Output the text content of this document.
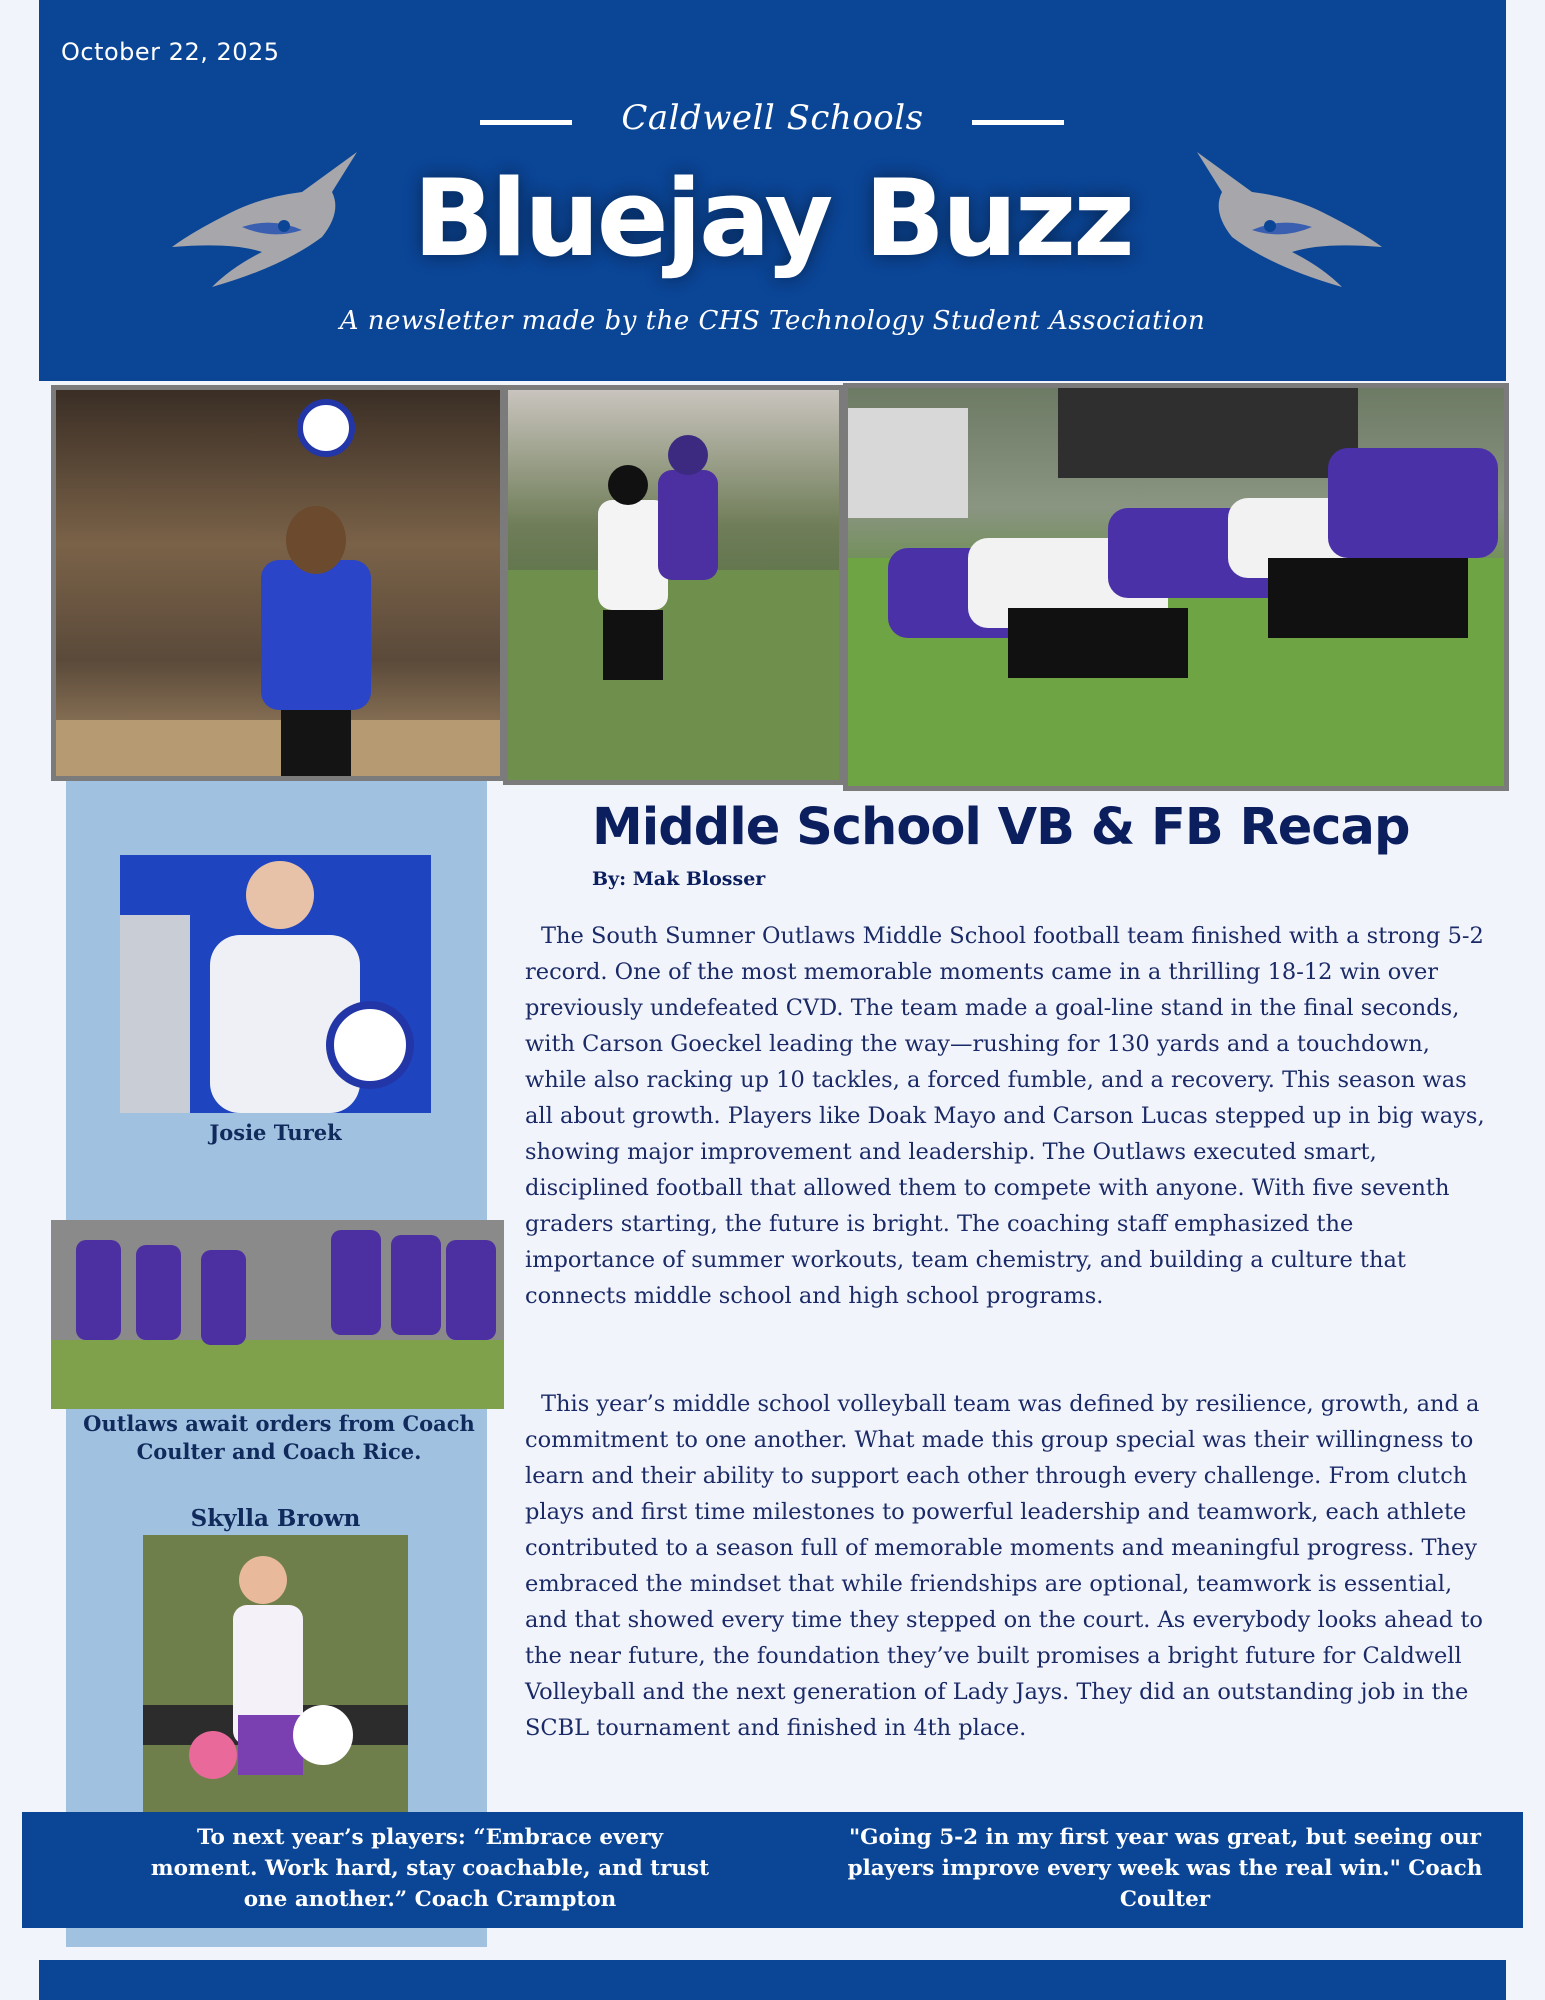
October 22, 2025
Caldwell Schools
Bluejay Buzz
A newsletter made by the CHS Technology Student Association
Josie Turek
Outlaws await orders from Coach Coulter and Coach Rice.
Skylla Brown
Middle School VB & FB Recap
By: Mak Blosser
The South Sumner Outlaws Middle School football team finished with a strong 5-2 record. One of the most memorable moments came in a thrilling 18-12 win over previously undefeated CVD. The team made a goal-line stand in the final seconds, with Carson Goeckel leading the way—rushing for 130 yards and a touchdown, while also racking up 10 tackles, a forced fumble, and a recovery. This season was all about growth. Players like Doak Mayo and Carson Lucas stepped up in big ways, showing major improvement and leadership. The Outlaws executed smart, disciplined football that allowed them to compete with anyone. With five seventh graders starting, the future is bright. The coaching staff emphasized the importance of summer workouts, team chemistry, and building a culture that connects middle school and high school programs.
This year’s middle school volleyball team was defined by resilience, growth, and a commitment to one another. What made this group special was their willingness to learn and their ability to support each other through every challenge. From clutch plays and first time milestones to powerful leadership and teamwork, each athlete contributed to a season full of memorable moments and meaningful progress. They embraced the mindset that while friendships are optional, teamwork is essential, and that showed every time they stepped on the court. As everybody looks ahead to the near future, the foundation they’ve built promises a bright future for Caldwell Volleyball and the next generation of Lady Jays. They did an outstanding job in the SCBL tournament and finished in 4th place.
To next year’s players: “Embrace every moment. Work hard, stay coachable, and trust one another.” Coach Crampton
"Going 5-2 in my first year was great, but seeing our players improve every week was the real win." Coach Coulter
